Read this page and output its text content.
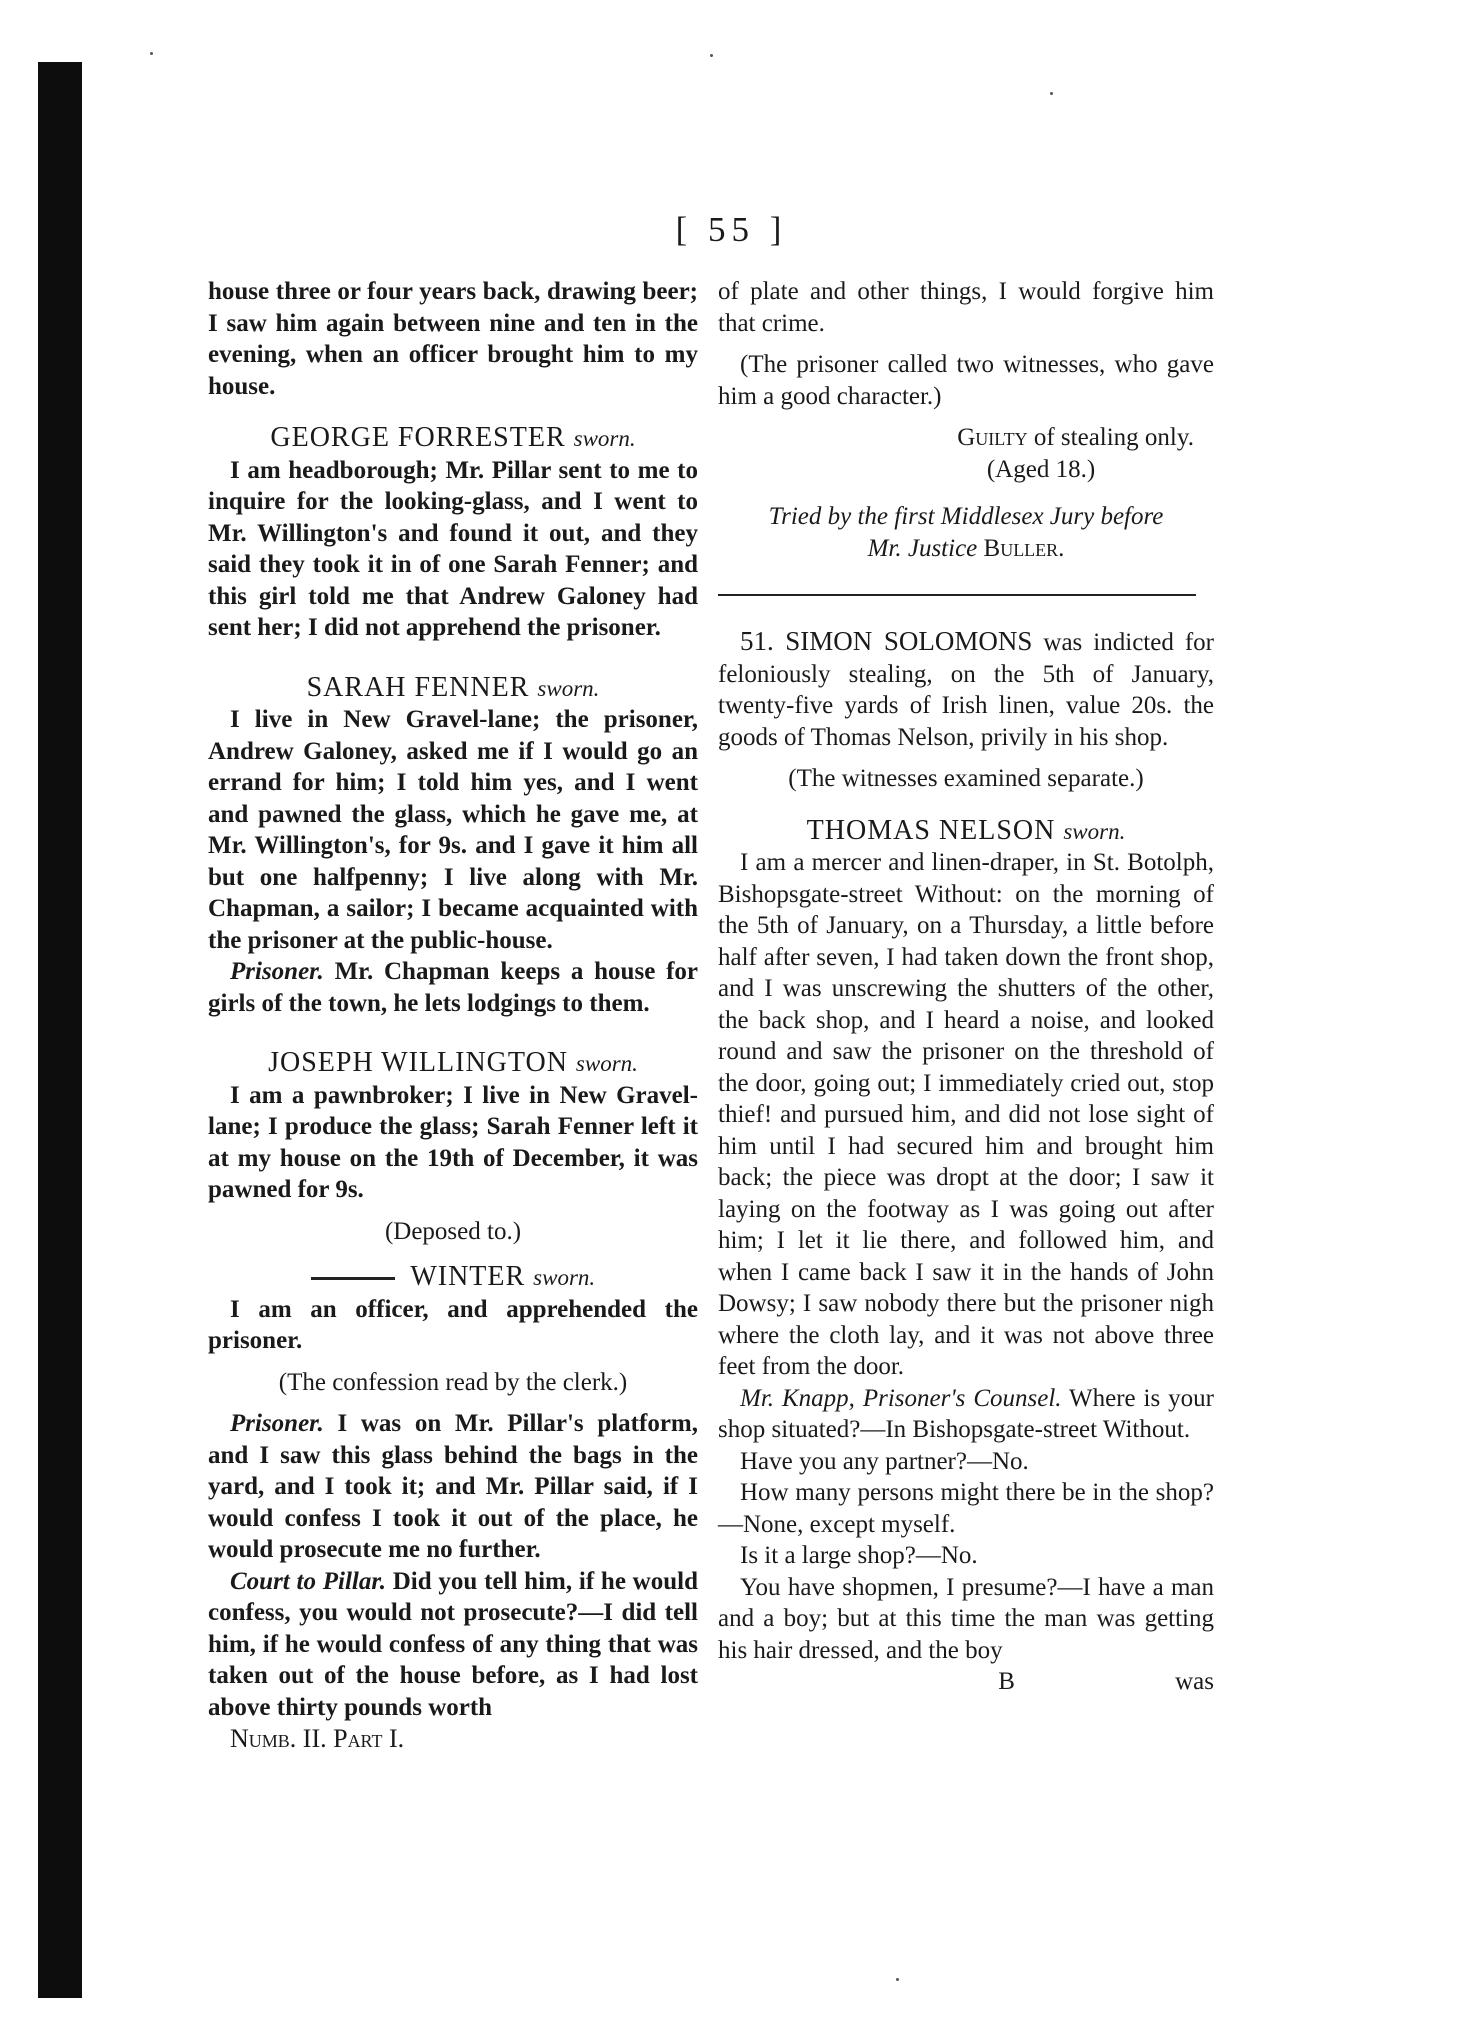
[ 55 ]

house three or four years back, drawing beer; I saw him again between nine and ten in the evening, when an officer brought him to my house.

GEORGE FORRESTER sworn.

I am headborough; Mr. Pillar sent to me to inquire for the looking-glass, and I went to Mr. Willington's and found it out, and they said they took it in of one Sarah Fenner; and this girl told me that Andrew Galoney had sent her; I did not apprehend the prisoner.

SARAH FENNER sworn.

I live in New Gravel-lane; the prisoner, Andrew Galoney, asked me if I would go an errand for him; I told him yes, and I went and pawned the glass, which he gave me, at Mr. Willington's, for 9s. and I gave it him all but one halfpenny; I live along with Mr. Chapman, a sailor; I became acquainted with the prisoner at the public-house.

Prisoner. Mr. Chapman keeps a house for girls of the town, he lets lodgings to them.

JOSEPH WILLINGTON sworn.

I am a pawnbroker; I live in New Gravel-lane; I produce the glass; Sarah Fenner left it at my house on the 19th of December, it was pawned for 9s.

(Deposed to.)

WINTER sworn.

I am an officer, and apprehended the prisoner.

(The confession read by the clerk.)

Prisoner. I was on Mr. Pillar's platform, and I saw this glass behind the bags in the yard, and I took it; and Mr. Pillar said, if I would confess I took it out of the place, he would prosecute me no further.

Court to Pillar. Did you tell him, if he would confess, you would not prosecute?—I did tell him, if he would confess of any thing that was taken out of the house before, as I had lost above thirty pounds worth

Numb. II. Part I.

of plate and other things, I would forgive him that crime.

(The prisoner called two witnesses, who gave him a good character.)

Guilty of stealing only.

(Aged 18.)

Tried by the first Middlesex Jury before

Mr. Justice Buller.

51. SIMON SOLOMONS was indicted for feloniously stealing, on the 5th of January, twenty-five yards of Irish linen, value 20s. the goods of Thomas Nelson, privily in his shop.

(The witnesses examined separate.)

THOMAS NELSON sworn.

I am a mercer and linen-draper, in St. Botolph, Bishopsgate-street Without: on the morning of the 5th of January, on a Thursday, a little before half after seven, I had taken down the front shop, and I was unscrewing the shutters of the other, the back shop, and I heard a noise, and looked round and saw the prisoner on the threshold of the door, going out; I immediately cried out, stop thief! and pursued him, and did not lose sight of him until I had secured him and brought him back; the piece was dropt at the door; I saw it laying on the footway as I was going out after him; I let it lie there, and followed him, and when I came back I saw it in the hands of John Dowsy; I saw nobody there but the prisoner nigh where the cloth lay, and it was not above three feet from the door.

Mr. Knapp, Prisoner's Counsel. Where is your shop situated?—In Bishopsgate-street Without.

Have you any partner?—No.

How many persons might there be in the shop?—None, except myself.

Is it a large shop?—No.

You have shopmen, I presume?—I have a man and a boy; but at this time the man was getting his hair dressed, and the boy

B	was
